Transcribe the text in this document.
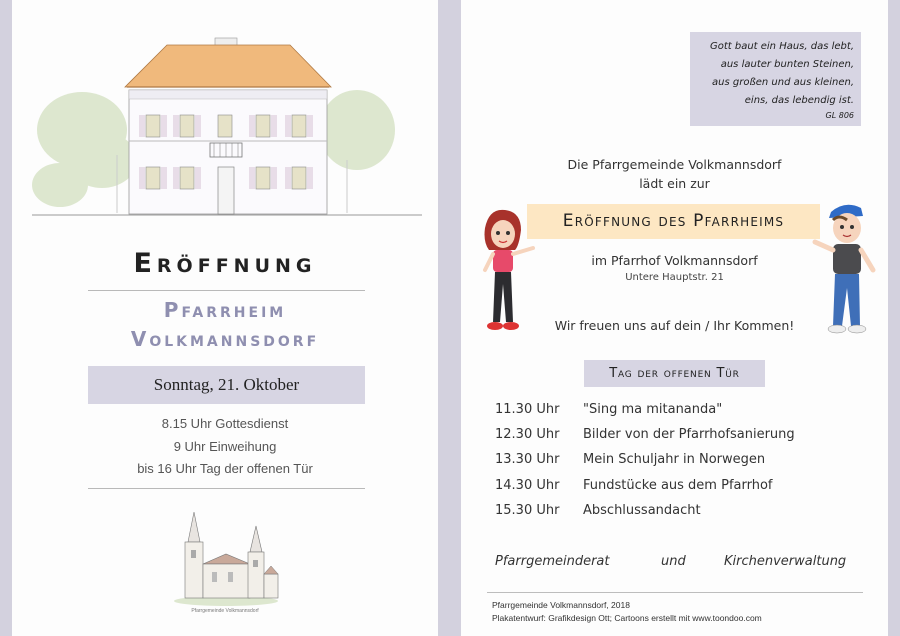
Eröffnung
Pfarrheim
Volkmannsdorf
Sonntag, 21. Oktober
8.15 Uhr Gottesdienst
9 Uhr Einweihung
bis 16 Uhr Tag der offenen Tür
Pfarrgemeinde Volkmannsdorf
Gott baut ein Haus, das lebt,
aus lauter bunten Steinen,
aus großen und aus kleinen,
eins, das lebendig ist.
GL 806
Die Pfarrgemeinde Volkmannsdorf
lädt ein zur
Eröffnung des Pfarrheims
im Pfarrhof Volkmannsdorf
Untere Hauptstr. 21
Wir freuen uns auf dein / Ihr Kommen!
Tag der offenen Tür
11.30 Uhr "Sing ma mitananda"
12.30 Uhr Bilder von der Pfarrhofsanierung
13.30 Uhr Mein Schuljahr in Norwegen
14.30 Uhr Fundstücke aus dem Pfarrhof
15.30 Uhr Abschlussandacht
Pfarrgemeinderat	und	Kirchenverwaltung
Pfarrgemeinde Volkmannsdorf, 2018
Plakatentwurf: Grafikdesign Ott; Cartoons erstellt mit www.toondoo.com
